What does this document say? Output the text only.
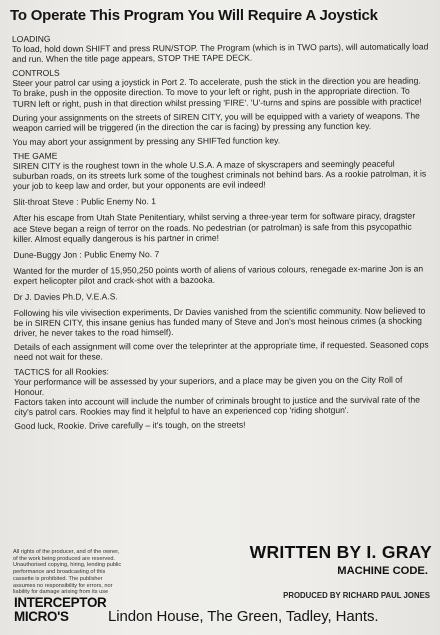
To Operate This Program You Will Require A Joystick

LOADING

To load, hold down SHIFT and press RUN/STOP. The Program (which is in TWO parts), will automatically load and run. When the title page appears, STOP THE TAPE DECK.

CONTROLS

Steer your patrol car using a joystick in Port 2. To accelerate, push the stick in the direction you are heading. To brake, push in the opposite direction. To move to your left or right, push in the appropriate direction. To TURN left or right, push in that direction whilst pressing 'FIRE'. 'U'-turns and spins are possible with practice!

During your assignments on the streets of SIREN CITY, you will be equipped with a variety of weapons. The weapon carried will be triggered (in the direction the car is facing) by pressing any function key.

You may abort your assignment by pressing any SHIFTed function key.

THE GAME

SIREN CITY is the roughest town in the whole U.S.A. A maze of skyscrapers and seemingly peaceful suburban roads, on its streets lurk some of the toughest criminals not behind bars. As a rookie patrolman, it is your job to keep law and order, but your opponents are evil indeed!

Slit-throat Steve : Public Enemy No. 1

After his escape from Utah State Penitentiary, whilst serving a three-year term for software piracy, dragster ace Steve began a reign of terror on the roads. No pedestrian (or patrolman) is safe from this psycopathic killer. Almost equally dangerous is his partner in crime!

Dune-Buggy Jon : Public Enemy No. 7

Wanted for the murder of 15,950,250 points worth of aliens of various colours, renegade ex-marine Jon is an expert helicopter pilot and crack-shot with a bazooka.

Dr J. Davies Ph.D, V.E.A.S.

Following his vile vivisection experiments, Dr Davies vanished from the scientific community. Now believed to be in SIREN CITY, this insane genius has funded many of Steve and Jon's most heinous crimes (a shocking driver, he never takes to the road himself).

Details of each assignment will come over the teleprinter at the appropriate time, if requested. Seasoned cops need not wait for these.

TACTICS for all Rookies:

Your performance will be assessed by your superiors, and a place may be given you on the City Roll of Honour.

Factors taken into account will include the number of criminals brought to justice and the survival rate of the city's patrol cars. Rookies may find it helpful to have an experienced cop 'riding shotgun'.

Good luck, Rookie. Drive carefully – it's tough, on the streets!

All rights of the producer, and of the owner, of the work being produced are reserved. Unauthorised copying, hiring, lending public performance and broadcasting of this cassette is prohibited. The publisher assumes no responsibility for errors, nor liability for damage arising from its use
WRITTEN BY I. GRAY
MACHINE CODE.
PRODUCED BY RICHARD PAUL JONES
INTERCEPTOR
MICRO'S	Lindon House, The Green, Tadley, Hants.
